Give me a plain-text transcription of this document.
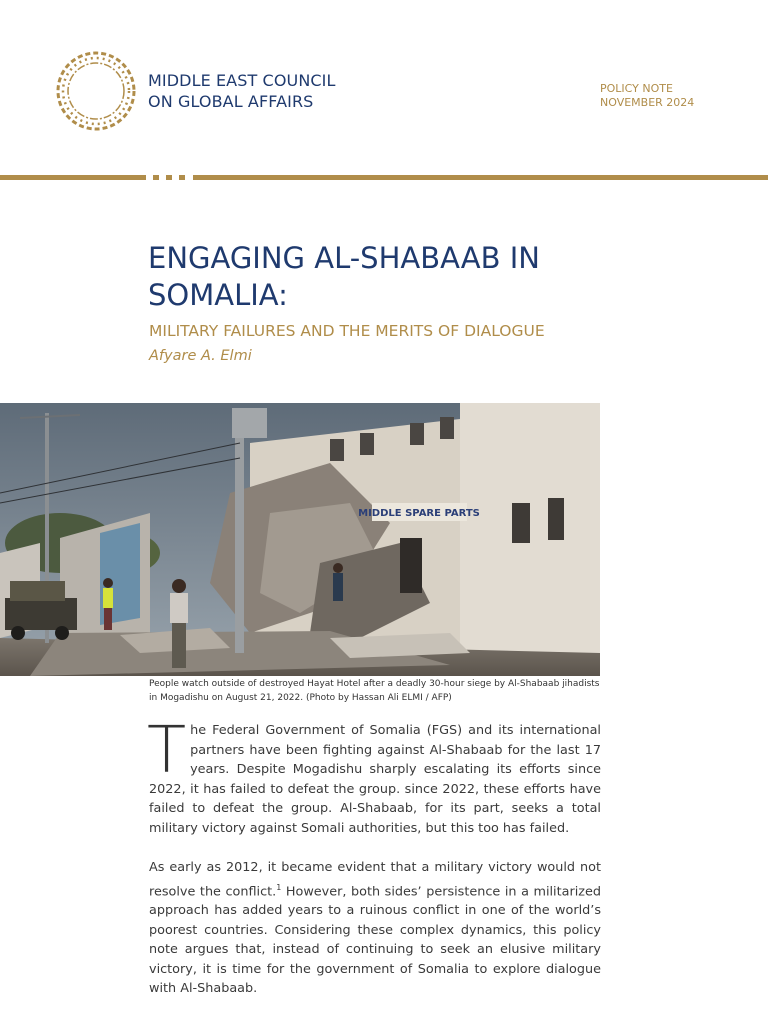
MIDDLE EAST COUNCIL
ON GLOBAL AFFAIRS
POLICY NOTE
NOVEMBER 2024
ENGAGING AL-SHABAAB IN
SOMALIA:
MILITARY FAILURES AND THE MERITS OF DIALOGUE
Afyare A. Elmi
MIDDLE SPARE PARTS
People watch outside of destroyed Hayat Hotel after a deadly 30-hour siege by Al-Shabaab jihadists in Mogadishu on August 21, 2022. (Photo by Hassan Ali ELMI / AFP)

The Federal Government of Somalia (FGS) and its international partners have been fighting against Al-Shabaab for the last 17 years. Despite Mogadishu sharply escalating its efforts since 2022, it has failed to defeat the group. since 2022, these efforts have failed to defeat the group. Al-Shabaab, for its part, seeks a total military victory against Somali authorities, but this too has failed.

As early as 2012, it became evident that a military victory would not resolve the conflict.$^1$ However, both sides’ persistence in a militarized approach has added years to a ruinous conflict in one of the world’s poorest countries. Considering these complex dynamics, this policy note argues that, instead of continuing to seek an elusive military victory, it is time for the government of Somalia to explore dialogue with Al-Shabaab.
